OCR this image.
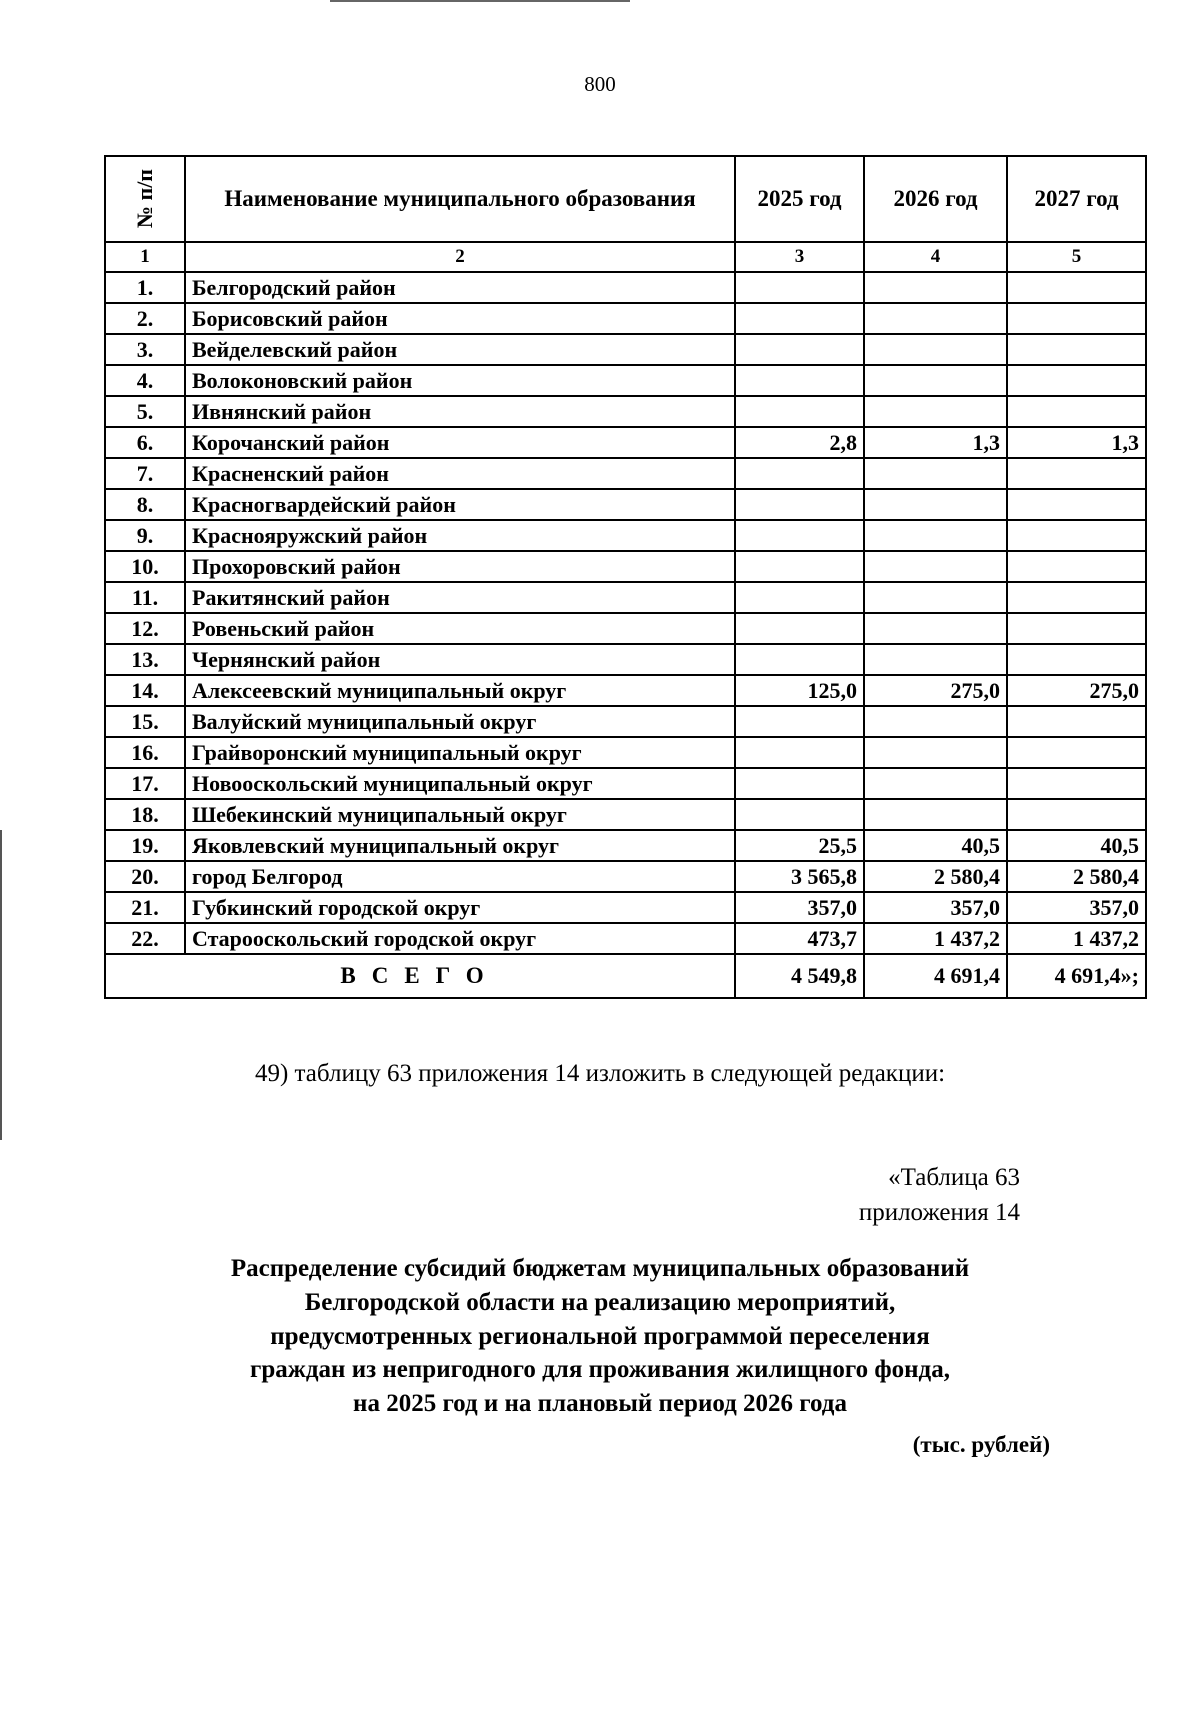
800
№ п/п	Наименование муниципального образования	2025 год	2026 год	2027 год
1	2	3	4	5
1.	Белгородский район			
2.	Борисовский район			
3.	Вейделевский район			
4.	Волоконовский район			
5.	Ивнянский район			
6.	Корочанский район	2,8	1,3	1,3
7.	Красненский район			
8.	Красногвардейский район			
9.	Краснояружский район			
10.	Прохоровский район			
11.	Ракитянский район			
12.	Ровеньский район			
13.	Чернянский район			
14.	Алексеевский муниципальный округ	125,0	275,0	275,0
15.	Валуйский муниципальный округ			
16.	Грайворонский муниципальный округ			
17.	Новооскольский муниципальный округ			
18.	Шебекинский муниципальный округ			
19.	Яковлевский муниципальный округ	25,5	40,5	40,5
20.	город Белгород	3 565,8	2 580,4	2 580,4
21.	Губкинский городской округ	357,0	357,0	357,0
22.	Старооскольский городской округ	473,7	1 437,2	1 437,2
ВСЕГО		4 549,8	4 691,4	4 691,4»;
49) таблицу 63 приложения 14 изложить в следующей редакции:
«Таблица 63
приложения 14
Распределение субсидий бюджетам муниципальных образований
Белгородской области на реализацию мероприятий,
предусмотренных региональной программой переселения
граждан из непригодного для проживания жилищного фонда,
на 2025 год и на плановый период 2026 года
(тыс. рублей)
